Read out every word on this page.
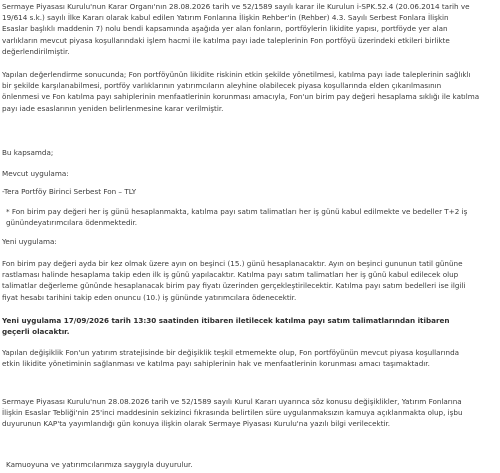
Sermaye Piyasası Kurulu'nun Karar Organı'nın 28.08.2026 tarih ve 52/1589 sayılı karar ile Kurulun i-SPK.52.4 (20.06.2014 tarih ve
19/614 s.k.) sayılı İlke Kararı olarak kabul edilen Yatırım Fonlarına İlişkin Rehber'in (Rehber) 4.3. Sayılı Serbest Fonlara İlişkin
Esaslar başlıklı maddenin 7) nolu bendi kapsamında aşağıda yer alan fonların, portföylerin likidite yapısı, portföyde yer alan
varlıkların mevcut piyasa koşullarındaki işlem hacmi ile katılma payı iade taleplerinin Fon portföyü üzerindeki etkileri birlikte
değerlendirilmiştir.

Yapılan değerlendirme sonucunda; Fon portföyünün likidite riskinin etkin şekilde yönetilmesi, katılma payı iade taleplerinin sağlıklı
bir şekilde karşılanabilmesi, portföy varlıklarının yatırımcıların aleyhine olabilecek piyasa koşullarında elden çıkarılmasının
önlenmesi ve Fon katılma payı sahiplerinin menfaatlerinin korunması amacıyla, Fon'un birim pay değeri hesaplama sıklığı ile katılma
payı iade esaslarının yeniden belirlenmesine karar verilmiştir.

Bu kapsamda;

Mevcut uygulama:

-Tera Portföy Birinci Serbest Fon – TLY

* Fon birim pay değeri her iş günü hesaplanmakta, katılma payı satım talimatları her iş günü kabul edilmekte ve bedeller T+2 iş
günündeyatırımcılara ödenmektedir.

Yeni uygulama:

Fon birim pay değeri ayda bir kez olmak üzere ayın on beşinci (15.) günü hesaplanacaktır. Ayın on beşinci gununun tatil gününe
rastlaması halinde hesaplama takip eden ilk iş günü yapılacaktır. Katılma payı satım talimatları her iş günü kabul edilecek olup
talimatlar değerleme gününde hesaplanacak birim pay fiyatı üzerinden gerçekleştirilecektir. Katılma payı satım bedelleri ise ilgili
fiyat hesabı tarihini takip eden onuncu (10.) iş gününde yatırımcılara ödenecektir.

Yeni uygulama 17/09/2026 tarih 13:30 saatinden itibaren iletilecek katılma payı satım talimatlarından itibaren
geçerli olacaktır.

Yapılan değişiklik Fon'un yatırım stratejisinde bir değişiklik teşkil etmemekte olup, Fon portföyünün mevcut piyasa koşullarında
etkin likidite yönetiminin sağlanması ve katılma payı sahiplerinin hak ve menfaatlerinin korunması amacı taşımaktadır.

Sermaye Piyasası Kurulu'nun 28.08.2026 tarih ve 52/1589 sayılı Kurul Kararı uyarınca söz konusu değişiklikler, Yatırım Fonlarına
İlişkin Esaslar Tebliği'nin 25'inci maddesinin sekizinci fıkrasında belirtilen süre uygulanmaksızın kamuya açıklanmakta olup, işbu
duyurunun KAP'ta yayımlandığı gün konuya ilişkin olarak Sermaye Piyasası Kurulu'na yazılı bilgi verilecektir.

Kamuoyuna ve yatırımcılarımıza saygıyla duyurulur.
